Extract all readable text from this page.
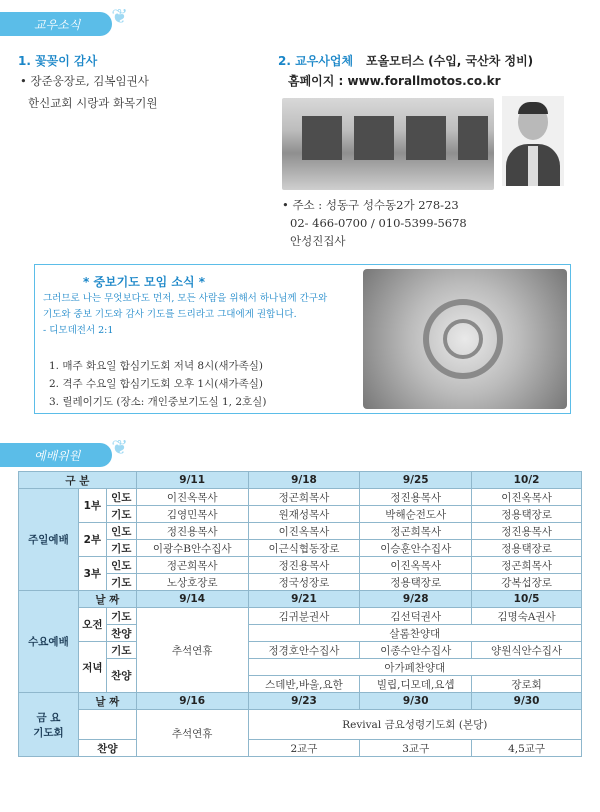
교우소식 ❦
1. 꽃꽂이 감사
• 장준웅장로, 김복임권사
한신교회 시랑과 화목기원
2. 교우사업체 포올모터스 (수입, 국산차 정비)
홈페이지 : www.forallmotos.co.kr
• 주소 : 성동구 성수동2가 278-23
02- 466-0700 / 010-5399-5678
안성진집사
* 중보기도 모임 소식 *
그러므로 나는 무엇보다도 먼저, 모든 사람을 위해서 하나님께 간구와
기도와 중보 기도와 감사 기도를 드리라고 그대에게 권합니다.
- 디모데전서 2:1
1. 매주 화요일 합심기도회 저녁 8시(새가족실)
2. 격주 수요일 합심기도회 오후 1시(새가족실)
3. 릴레이기도 (장소: 개인중보기도실 1, 2호실)
예배위원 ❦
구 분			9/11	9/18	9/25	10/2
주일예배	1부	인도	이진옥목사	정곤희목사	정진용목사	이진옥목사
		기도	김영민목사	원재성목사	박해순전도사	정용택장로
	2부	인도	정진용목사	이진옥목사	정곤희목사	정진용목사
		기도	이광수B안수집사	이근식협동장로	이승훈안수집사	정용택장로
	3부	인도	정곤희목사	정진용목사	이진옥목사	정곤희목사
		기도	노상호장로	정국성장로	정용택장로	강복섭장로
수요예배	날 짜		9/14	9/21	9/28	10/5
	오전	기도	추석연휴	김귀분권사	김선덕권사	김명숙A권사
		찬양		살롬찬양대		
	저녁	기도		정경호안수집사	이종수안수집사	양원식안수집사

		찬양		아가페찬양대		
				스데반,바울,요한	빌립,디모데,요셉	장로회

금 요
기도회	날 짜		9/16	9/23	9/30	9/30
			추석연휴	Revival 금요성령기도회 (본당)		
	찬양			2교구	3교구	4,5교구
